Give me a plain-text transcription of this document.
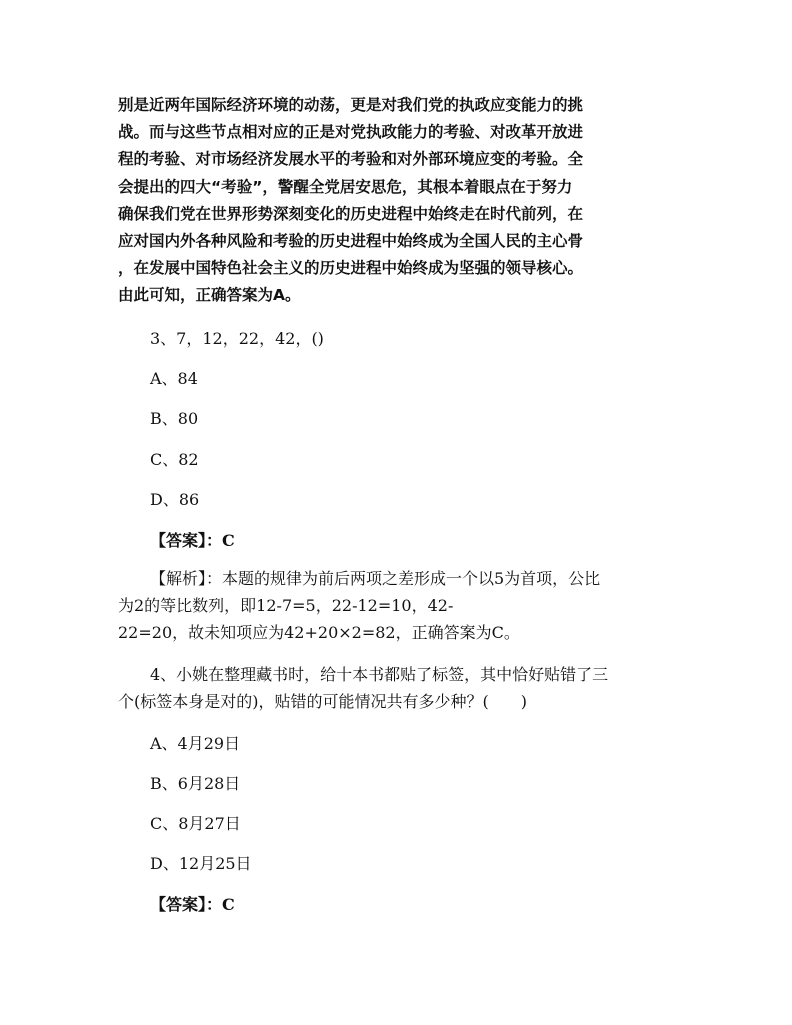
别是近两年国际经济环境的动荡，更是对我们党的执政应变能力的挑
战。而与这些节点相对应的正是对党执政能力的考验、对改革开放进
程的考验、对市场经济发展水平的考验和对外部环境应变的考验。全
会提出的四大“考验”，警醒全党居安思危，其根本着眼点在于努力
确保我们党在世界形势深刻变化的历史进程中始终走在时代前列，在
应对国内外各种风险和考验的历史进程中始终成为全国人民的主心骨
，在发展中国特色社会主义的历史进程中始终成为坚强的领导核心。
由此可知，正确答案为A。
3、7，12，22，42，()
A、84
B、80
C、82
D、86
【答案】：C
【解析】：本题的规律为前后两项之差形成一个以5为首项，公比
为2的等比数列，即12-7=5，22-12=10，42-
22=20，故未知项应为42+20×2=82，正确答案为C。
4、小姚在整理藏书时，给十本书都贴了标签，其中恰好贴错了三
个(标签本身是对的)，贴错的可能情况共有多少种？(　　)
A、4月29日
B、6月28日
C、8月27日
D、12月25日
【答案】：C
